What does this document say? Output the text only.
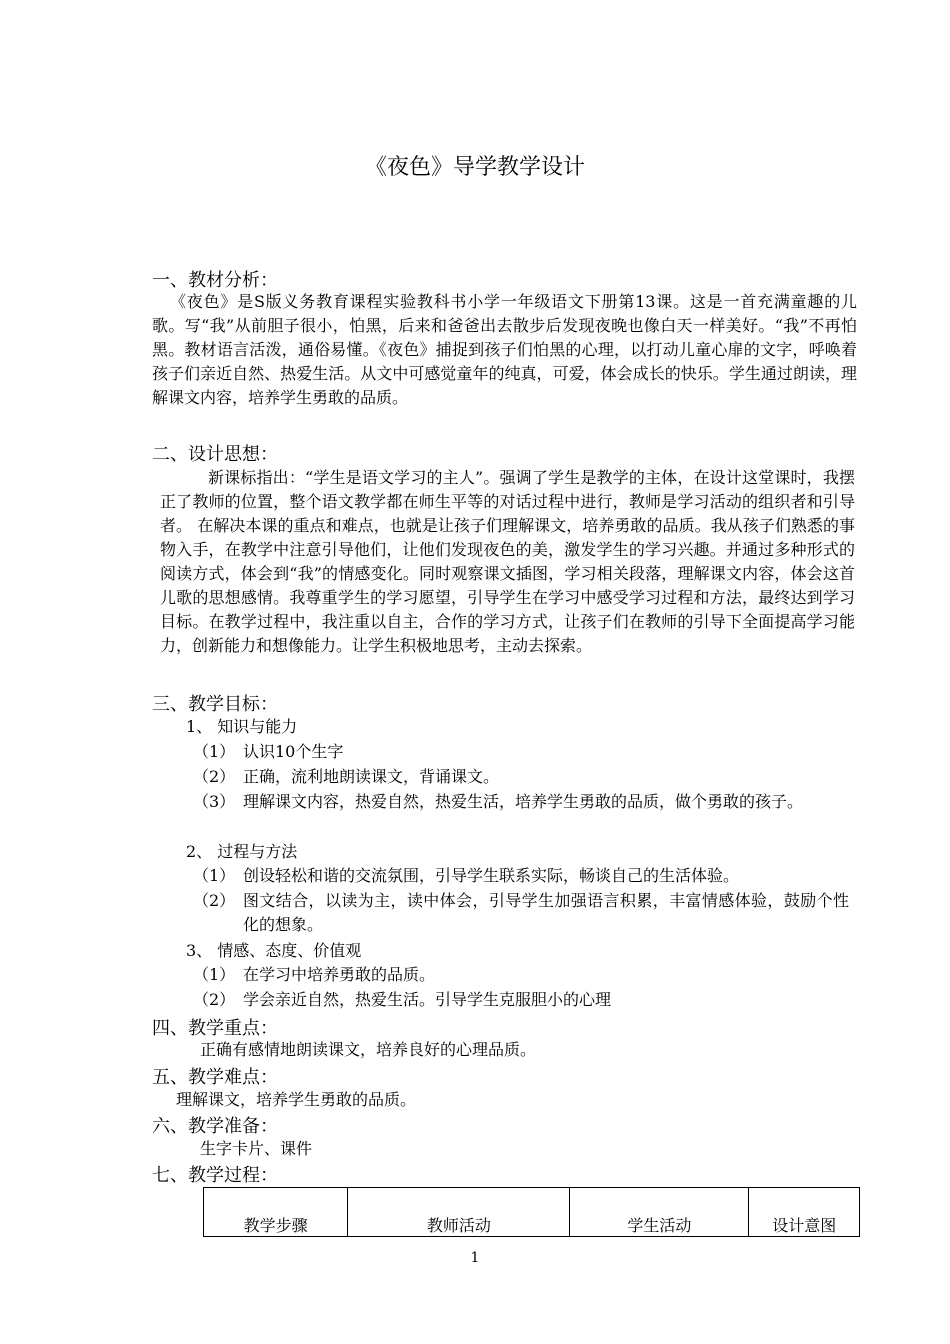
《夜色》导学教学设计
一、教材分析：
《夜色》是S版义务教育课程实验教科书小学一年级语文下册第13课。这是一首充满童趣的儿歌。写“我”从前胆子很小，怕黑，后来和爸爸出去散步后发现夜晚也像白天一样美好。“我”不再怕黑。教材语言活泼，通俗易懂。《夜色》捕捉到孩子们怕黑的心理，以打动儿童心扉的文字，呼唤着孩子们亲近自然、热爱生活。从文中可感觉童年的纯真，可爱，体会成长的快乐。学生通过朗读，理解课文内容，培养学生勇敢的品质。
二、设计思想：
新课标指出：“学生是语文学习的主人”。强调了学生是教学的主体，在设计这堂课时，我摆正了教师的位置，整个语文教学都在师生平等的对话过程中进行，教师是学习活动的组织者和引导者。 在解决本课的重点和难点，也就是让孩子们理解课文，培养勇敢的品质。我从孩子们熟悉的事物入手，在教学中注意引导他们，让他们发现夜色的美，激发学生的学习兴趣。并通过多种形式的阅读方式，体会到“我”的情感变化。同时观察课文插图，学习相关段落，理解课文内容，体会这首儿歌的思想感情。我尊重学生的学习愿望，引导学生在学习中感受学习过程和方法，最终达到学习目标。在教学过程中，我注重以自主，合作的学习方式，让孩子们在教师的引导下全面提高学习能力，创新能力和想像能力。让学生积极地思考，主动去探索。
三、教学目标：
1、 知识与能力
（1） 认识10个生字
（2） 正确，流利地朗读课文，背诵课文。
（3） 理解课文内容，热爱自然，热爱生活，培养学生勇敢的品质，做个勇敢的孩子。
2、 过程与方法
（1） 创设轻松和谐的交流氛围，引导学生联系实际，畅谈自己的生活体验。
（2） 图文结合，以读为主，读中体会，引导学生加强语言积累，丰富情感体验，鼓励个性化的想象。
3、 情感、态度、价值观
（1） 在学习中培养勇敢的品质。
（2） 学会亲近自然，热爱生活。引导学生克服胆小的心理
四、教学重点：
正确有感情地朗读课文，培养良好的心理品质。
五、教学难点：
理解课文，培养学生勇敢的品质。
六、教学准备：
生字卡片、课件
七、教学过程：
教学步骤	教师活动	学生活动	设计意图
1
